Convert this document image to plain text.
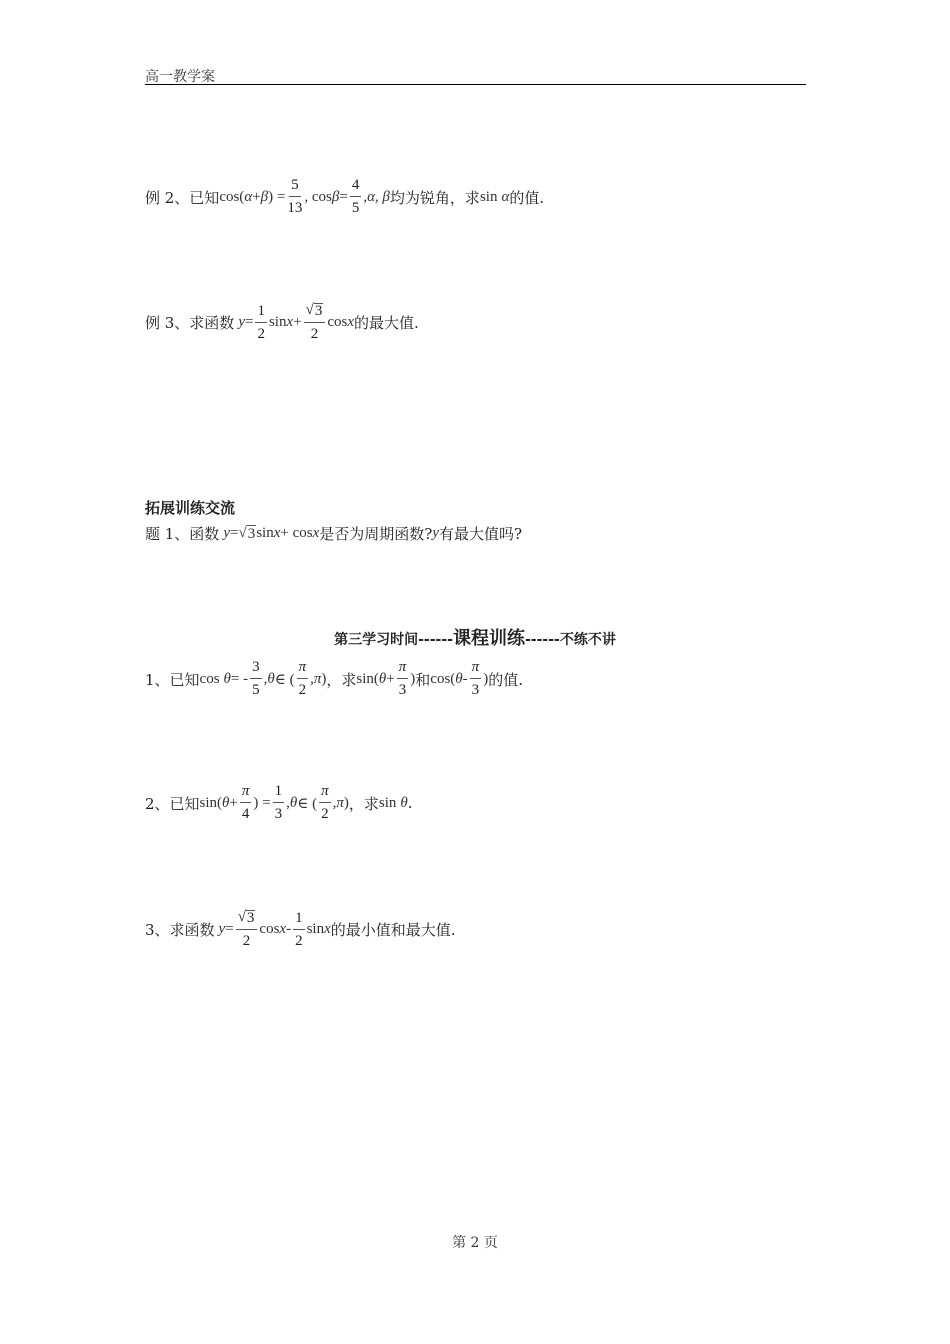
高一教学案
例 2、已知 cos( α + β ) = $\frac{5}{13}$ , $\cos \beta = \frac{4}{5}$ , α, β 均为锐角，求 sin α 的值.
例 3、求函数 $y = \frac{1}{2}$ $\sin x + \frac{√ 3}{2}$ cos x 的最大值.
拓展训练交流
题 1、函数 y = √ 3 sin x + cos x 是否为周期函数? y 有最大值吗?
第三学习时间------课程训练------不练不讲
1、已知 cos θ = - $\frac{3}{5}$ , θ ∈ ( $\frac{\pi}{2}$ , π ) ，求 sin( $\theta + \frac{\pi}{3}$ ) 和 cos( θ - $\frac{\pi}{3}$ ) 的值.
2、已知 sin( $\theta + \frac{\pi}{4}$ ) = $\frac{1}{3}$ , θ ∈ ( $\frac{\pi}{2}$ , π ) ，求 sin θ .
3、求函数 $y = \frac{√ 3}{2}$ cos x - $\frac{1}{2}$ sin x 的最小值和最大值.
第 2 页
